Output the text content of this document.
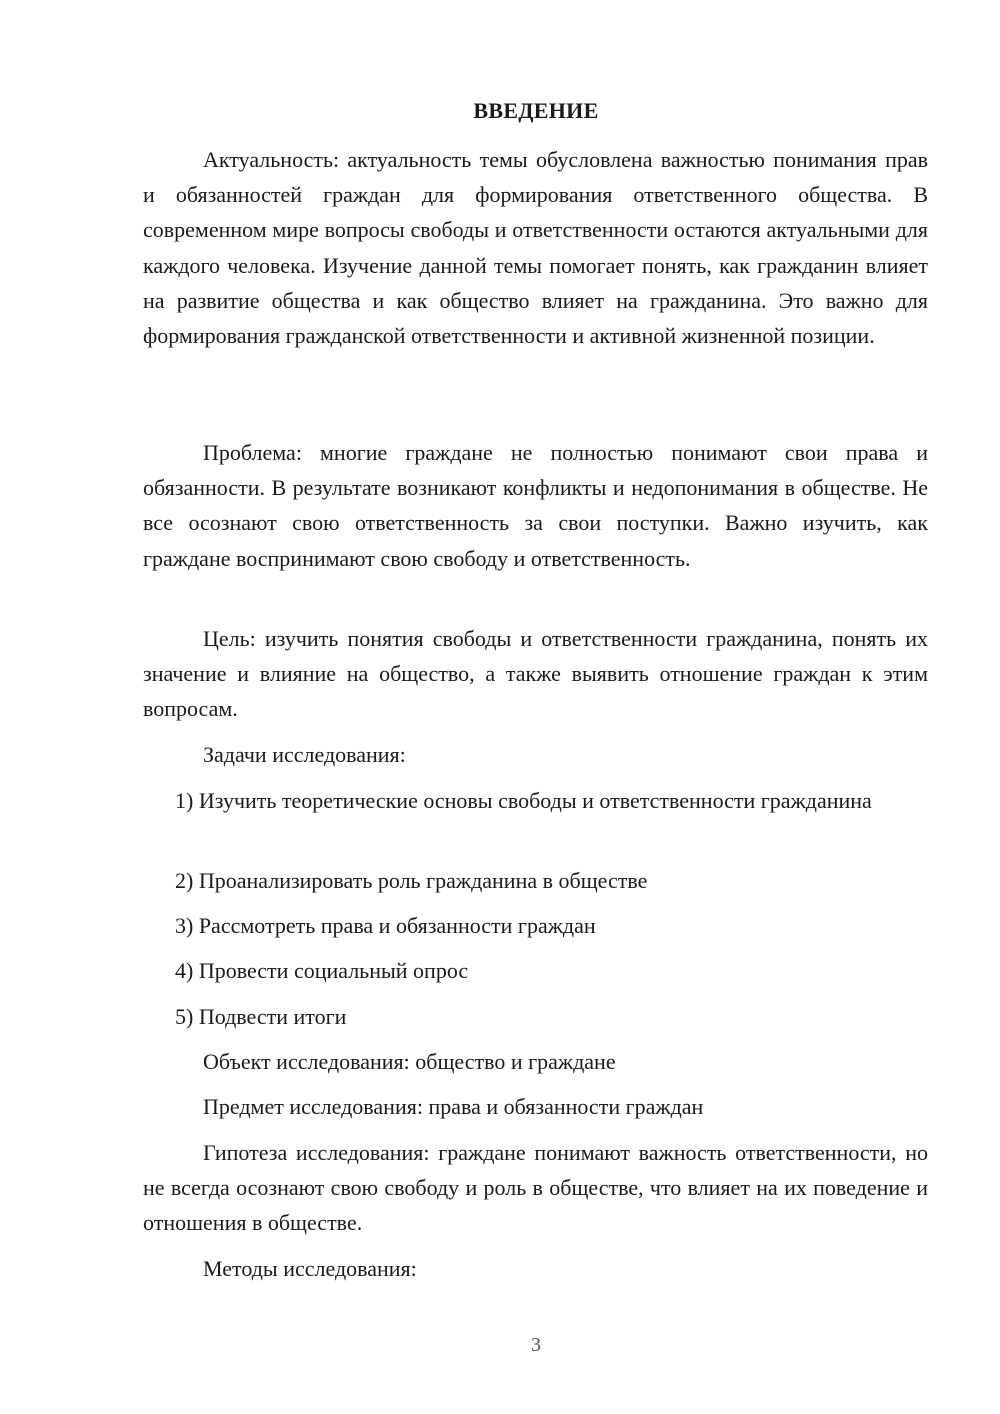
ВВЕДЕНИЕ

Актуальность: актуальность темы обусловлена важностью понимания прав и обязанностей граждан для формирования ответственного общества. В современном мире вопросы свободы и ответственности остаются актуальными для каждого человека. Изучение данной темы помогает понять, как гражданин влияет на развитие общества и как общество влияет на гражданина. Это важно для формирования гражданской ответственности и активной жизненной позиции.

Проблема: многие граждане не полностью понимают свои права и обязанности. В результате возникают конфликты и недопонимания в обществе. Не все осознают свою ответственность за свои поступки. Важно изучить, как граждане воспринимают свою свободу и ответственность.

Цель: изучить понятия свободы и ответственности гражданина, понять их значение и влияние на общество, а также выявить отношение граждан к этим вопросам.

Задачи исследования:

1) Изучить теоретические основы свободы и ответственности гражданина

2) Проанализировать роль гражданина в обществе

3) Рассмотреть права и обязанности граждан

4) Провести социальный опрос

5) Подвести итоги

Объект исследования: общество и граждане

Предмет исследования: права и обязанности граждан

Гипотеза исследования: граждане понимают важность ответственности, но не всегда осознают свою свободу и роль в обществе, что влияет на их поведение и отношения в обществе.

Методы исследования:

3
